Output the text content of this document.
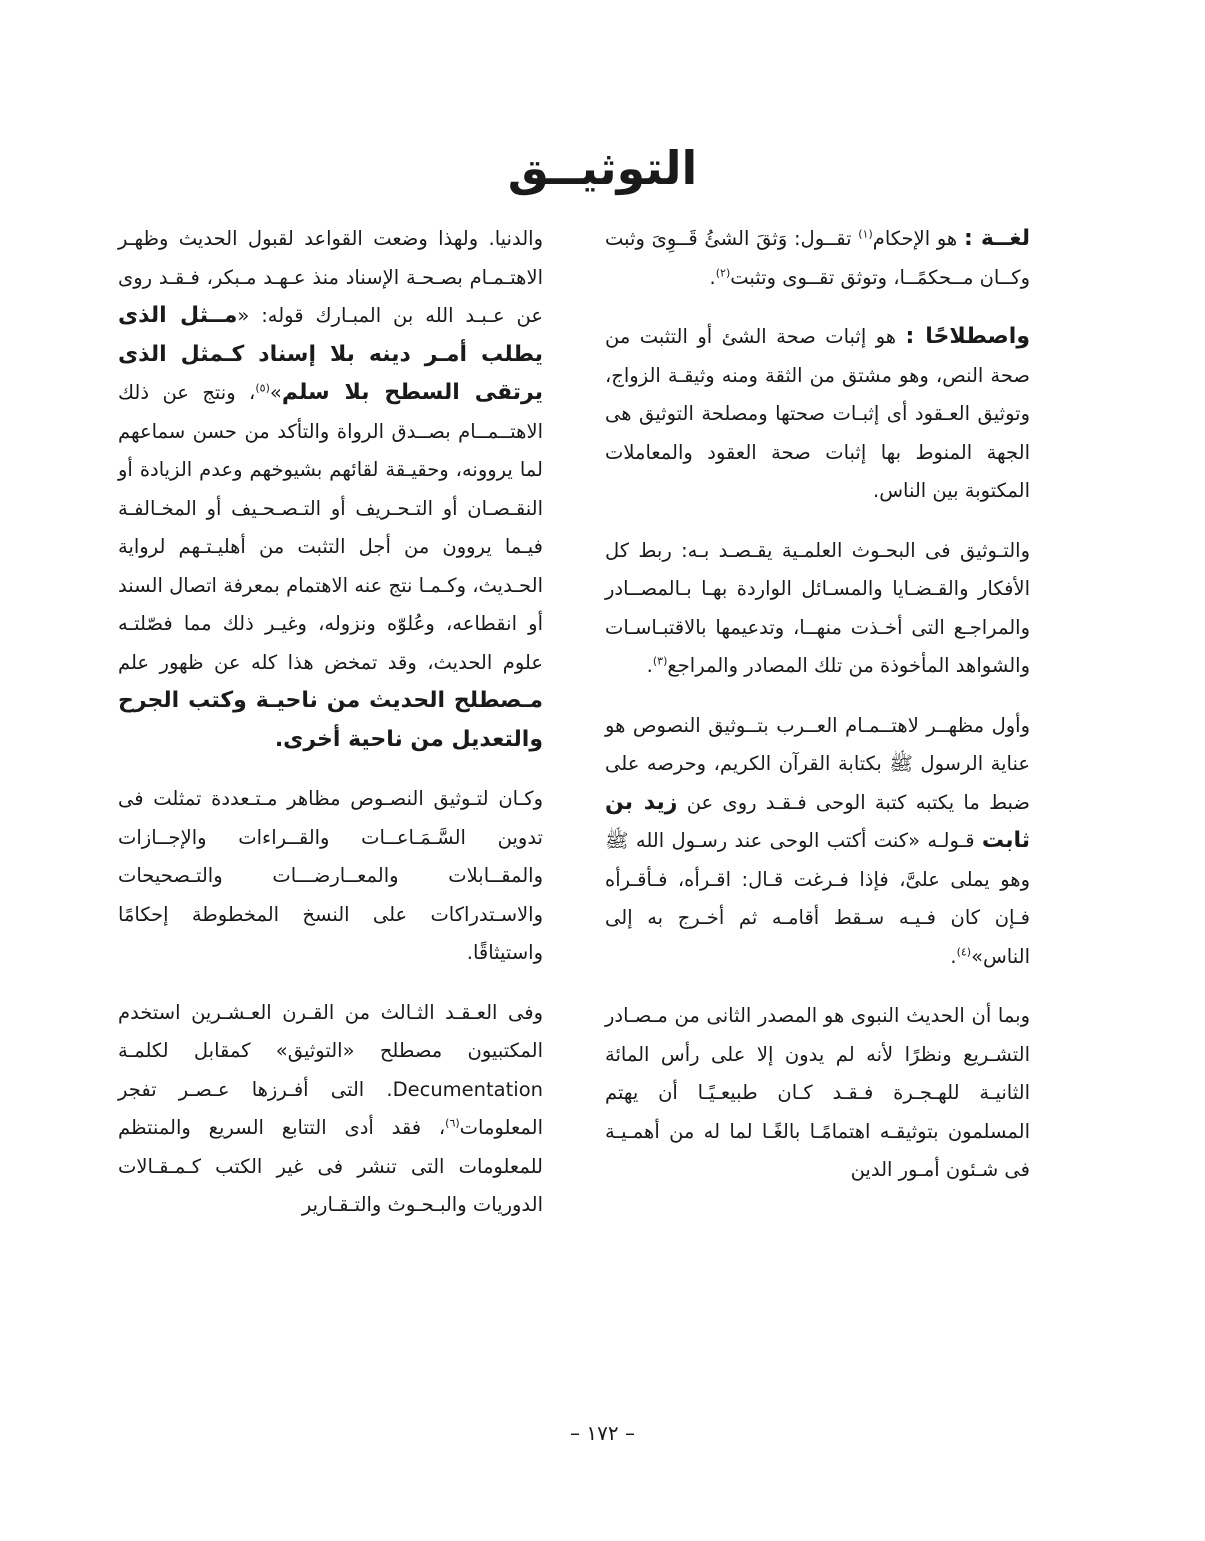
التوثيــق

لغــة : هو الإحكام$^{(١)}$ تقــول: وَثقَ الشئُ قَــوِىَ وثبت وكــان مــحكمًــا، وتوثق تقــوى وتثبت$^{(٢)}$.

واصطلاحًا : هو إثبات صحة الشئ أو التثبت من صحة النص، وهو مشتق من الثقة ومنه وثيقـة الزواج، وتوثيق العـقود أى إثبـات صحتها ومصلحة التوثيق هى الجهة المنوط بها إثبات صحة العقود والمعاملات المكتوبة بين الناس.

والتـوثيق فى البحـوث العلمـية يقـصـد بـه: ربط كل الأفكار والقـضـايا والمسـائل الواردة بهـا بـالمصــادر والمراجـع التى أخـذت منهــا، وتدعيمها بالاقتبـاسـات والشواهد المأخوذة من تلك المصادر والمراجع$^{(٣)}$.

وأول مظهــر لاهتــمـام العــرب بتــوثيق النصوص هو عناية الرسول ﷺ بكتابة القرآن الكريم، وحرصه على ضبط ما يكتبه كتبة الوحى فـقـد روى عن زيد بن ثابت قـولـه «كنت أكتب الوحى عند رسـول الله ﷺ وهو يملى علىَّ، فإذا فـرغت قـال: اقـرأه، فـأقـرأه فـإن كان فـيـه سـقط أقامـه ثم أخـرج به إلى الناس»$^{(٤)}$.

وبما أن الحديث النبوى هو المصدر الثانى من مـصـادر التشـريع ونظرًا لأنه لم يدون إلا على رأس المائة الثانيـة للهـجـرة فـقـد كـان طبيعـيًـا أن يهتم المسلمون بتوثيقـه اهتمامًـا بالغًـا لما له من أهمـيـة فى شـئون أمـور الدين

والدنيا. ولهذا وضعت القواعد لقبول الحديث وظهـر الاهتـمـام بصـحـة الإسناد منذ عـهـد مـبكر، فـقـد روى عن عـبـد الله بن المبـارك قوله: «مــثل الذى يطلب أمـر دينه بلا إسناد كـمثل الذى يرتقى السطح بلا سلم»$^{(٥)}$، ونتج عن ذلك الاهتــمــام بصــدق الرواة والتأكد من حسن سماعهم لما يروونه، وحقيـقة لقائهم بشيوخهم وعدم الزيادة أو النقـصـان أو التـحـريف أو التـصـحـيف أو المخـالفـة فيـما يروون من أجل التثبت من أهليـتـهم لرواية الحـديث، وكـمـا نتج عنه الاهتمام بمعرفة اتصال السند أو انقطاعه، وعُلوّه ونزوله، وغيـر ذلك مما فصّلتـه علوم الحديث، وقد تمخض هذا كله عن ظهور علم مـصطلح الحديث من ناحيـة وكتب الجرح والتعديل من ناحية أخرى.

وكـان لتـوثيق النصـوص مظاهر مـتـعددة تمثلت فى تدوين السَّـمَـاعــات والقــراءات والإجــازات والمقــابلات والمعــارضـــات والتـصحيحات والاسـتدراكات على النسخ المخطوطة إحكامًا واستيثاقًا.

وفى العـقـد الثـالث من القـرن العـشـرين استخدم المكتبيون مصطلح «التوثيق» كمقابل لكلمـة Decumentation. التى أفـرزها عـصـر تفجر المعلومات$^{(٦)}$، فقد أدى التتابع السريع والمنتظم للمعلومات التى تنشر فى غير الكتب كـمـقـالات الدوريات والبـحـوث والتـقـارير

– ١٧٢ –
